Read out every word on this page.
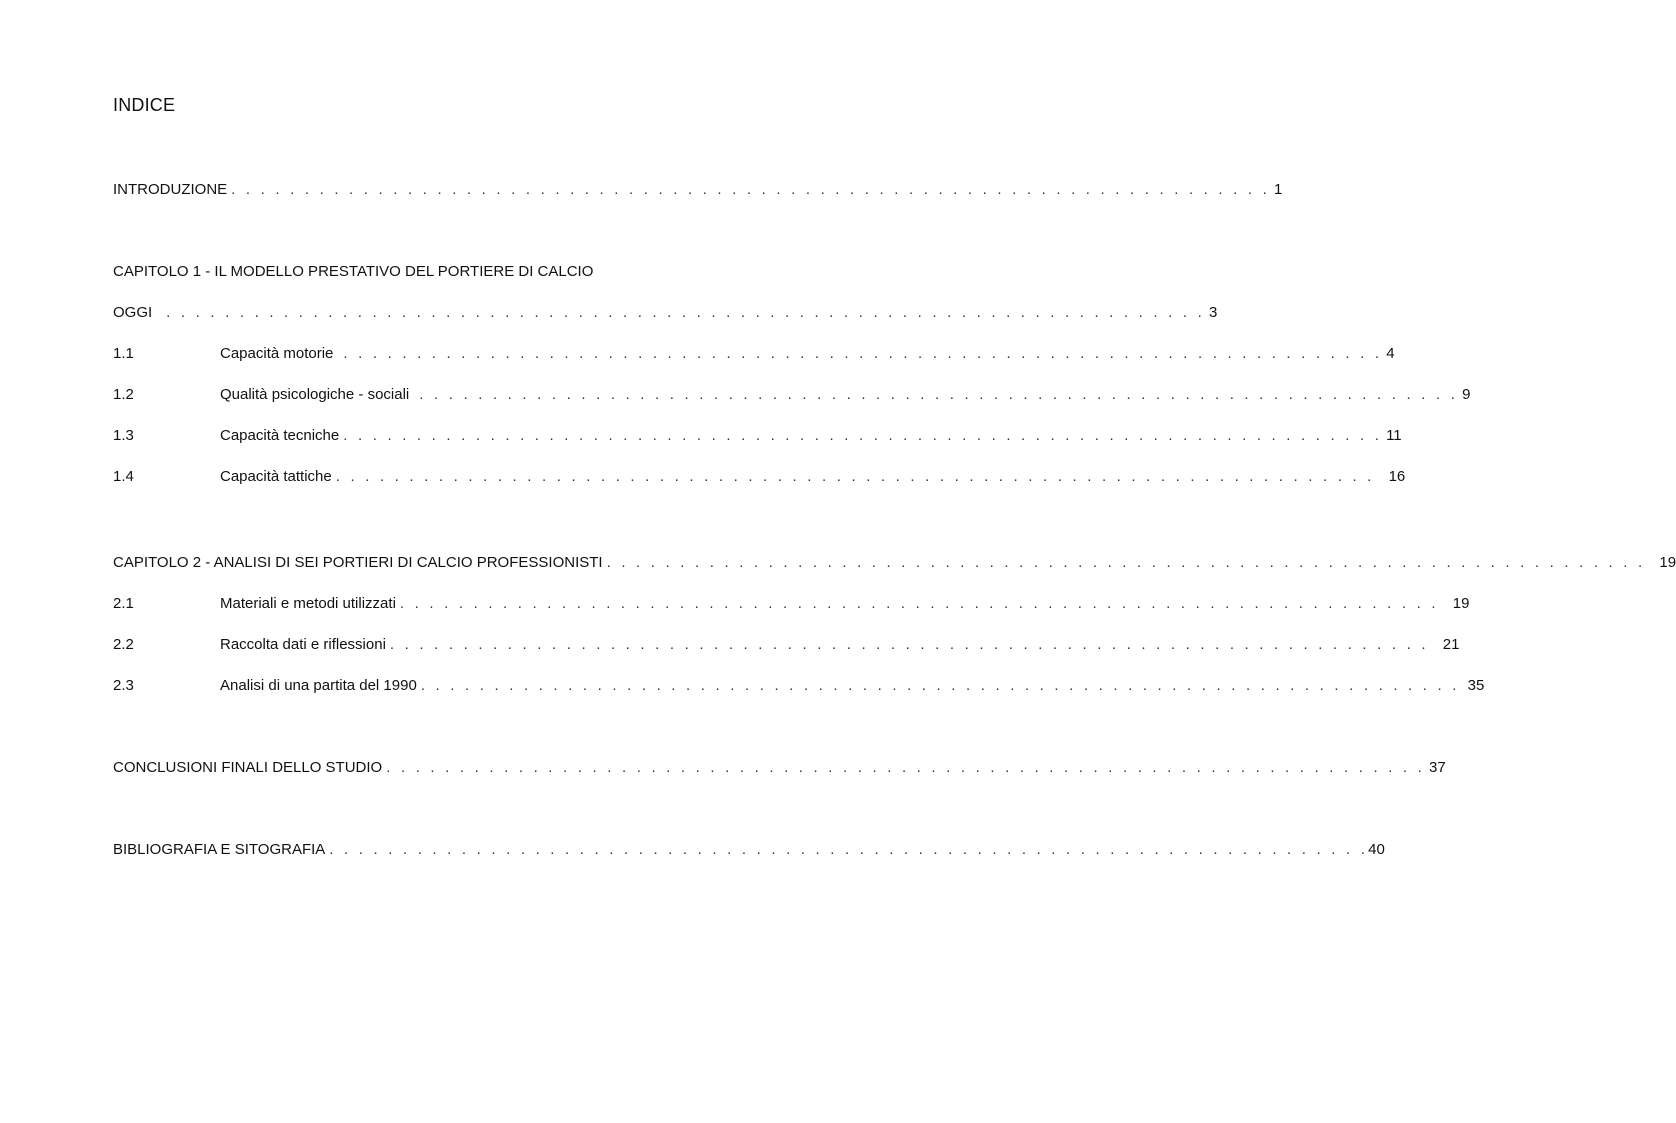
INDICE
INTRODUZIONE . . . . . . . . . . . . . . . . . . . . . . . . . . . . . . . . . . . . . . . . . . . . . . . . . . . . . . . . . . . . . . . . . . . . . . . 1
CAPITOLO 1 - IL MODELLO PRESTATIVO DEL PORTIERE DI CALCIO
OGGI . . . . . . . . . . . . . . . . . . . . . . . . . . . . . . . . . . . . . . . . . . . . . . . . . . . . . . . . . . . . . . . . . . . . . . . 3
1.1	Capacità motorie . . . . . . . . . . . . . . . . . . . . . . . . . . . . . . . . . . . . . . . . . . . . . . . . . . . . . . . . . . . . . . . . . . . . . . . 4
1.2	Qualità psicologiche - sociali . . . . . . . . . . . . . . . . . . . . . . . . . . . . . . . . . . . . . . . . . . . . . . . . . . . . . . . . . . . . . . . . . . . . . . . 9
1.3	Capacità tecniche . . . . . . . . . . . . . . . . . . . . . . . . . . . . . . . . . . . . . . . . . . . . . . . . . . . . . . . . . . . . . . . . . . . . . . . 11
1.4	Capacità tattiche . . . . . . . . . . . . . . . . . . . . . . . . . . . . . . . . . . . . . . . . . . . . . . . . . . . . . . . . . . . . . . . . . . . . . . . 16
CAPITOLO 2 - ANALISI DI SEI PORTIERI DI CALCIO PROFESSIONISTI . . . . . . . . . . . . . . . . . . . . . . . . . . . . . . . . . . . . . . . . . . . . . . . . . . . . . . . . . . . . . . . . . . . . . . . 19
2.1	Materiali e metodi utilizzati . . . . . . . . . . . . . . . . . . . . . . . . . . . . . . . . . . . . . . . . . . . . . . . . . . . . . . . . . . . . . . . . . . . . . . . 19
2.2	Raccolta dati e riflessioni . . . . . . . . . . . . . . . . . . . . . . . . . . . . . . . . . . . . . . . . . . . . . . . . . . . . . . . . . . . . . . . . . . . . . . . 21
2.3	Analisi di una partita del 1990 . . . . . . . . . . . . . . . . . . . . . . . . . . . . . . . . . . . . . . . . . . . . . . . . . . . . . . . . . . . . . . . . . . . . . . . 35
CONCLUSIONI FINALI DELLO STUDIO . . . . . . . . . . . . . . . . . . . . . . . . . . . . . . . . . . . . . . . . . . . . . . . . . . . . . . . . . . . . . . . . . . . . . . . 37
BIBLIOGRAFIA E SITOGRAFIA . . . . . . . . . . . . . . . . . . . . . . . . . . . . . . . . . . . . . . . . . . . . . . . . . . . . . . . . . . . . . . . . . . . . . . . 40
